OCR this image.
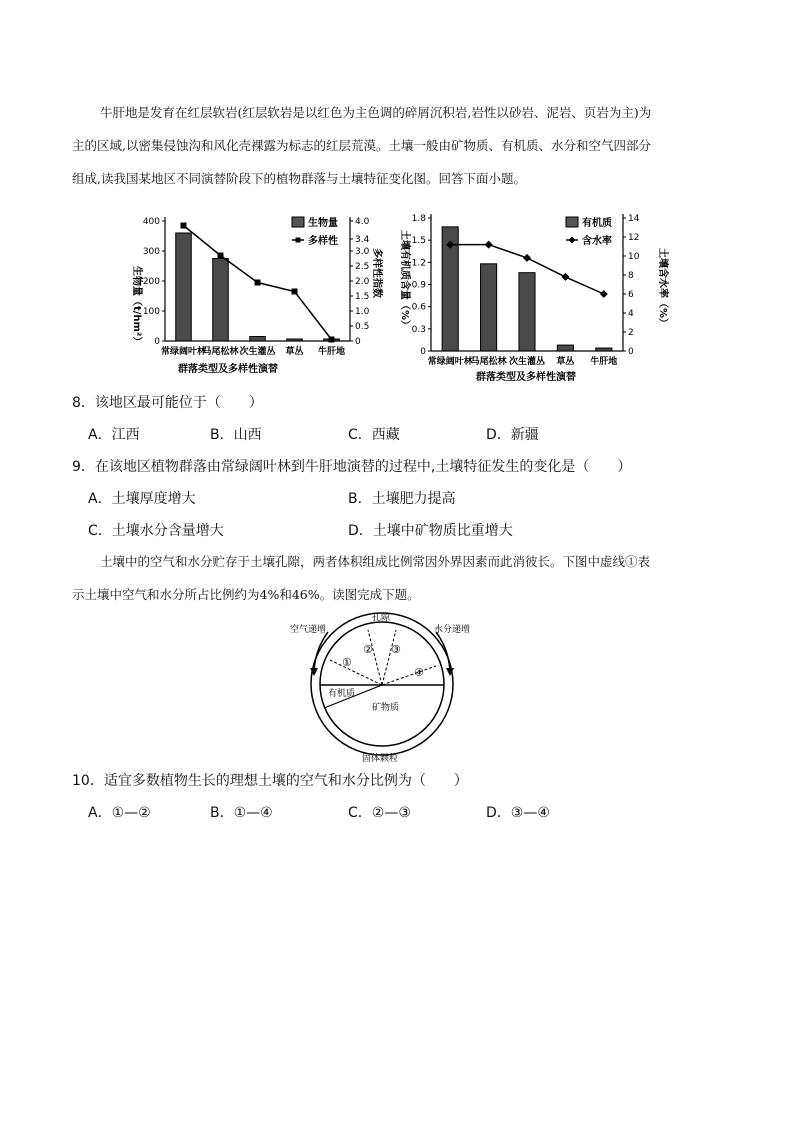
牛肝地是发育在红层软岩(红层软岩是以红色为主色调的碎屑沉积岩,岩性以砂岩、泥岩、页岩为主)为
主的区域,以密集侵蚀沟和风化壳裸露为标志的红层荒漠。土壤一般由矿物质、有机质、水分和空气四部分
组成,读我国某地区不同演替阶段下的植物群落与土壤特征变化图。回答下面小题。
生物量（t/hm²）	多样性指数
0
100
200
300
400
0
0.5
1.0
1.5
2.0
2.5
3.0
3.4
4.0
常绿阔叶林
马尾松林 次生灌丛 草丛 牛肝地
生物量
多样性
群落类型及多样性演替
土壤有机质含量（%）	土壤含水率（%）
0
0.3
0.6
0.9
1.2
1.5
1.8
0
2
4
6
8
10
12
14
常绿阔叶林
马尾松林 次生灌丛 草丛 牛肝地
有机质
含水率
群落类型及多样性演替
8．该地区最可能位于（　　）
A．江西	B．山西	C．西藏	D．新疆
9．在该地区植物群落由常绿阔叶林到牛肝地演替的过程中,土壤特征发生的变化是（　　）
A．土壤厚度增大	B．土壤肥力提高
C．土壤水分含量增大	D．土壤中矿物质比重增大
土壤中的空气和水分贮存于土壤孔隙，两者体积组成比例常因外界因素而此消彼长。下图中虚线①表
示土壤中空气和水分所占比例约为4%和46%。读图完成下题。
孔隙
空气递增	水分递增
①
② ③
④
有机质
矿物质
固体颗粒
10．适宜多数植物生长的理想土壤的空气和水分比例为（　　）
A．①—②	B．①—④	C．②—③	D．③—④
